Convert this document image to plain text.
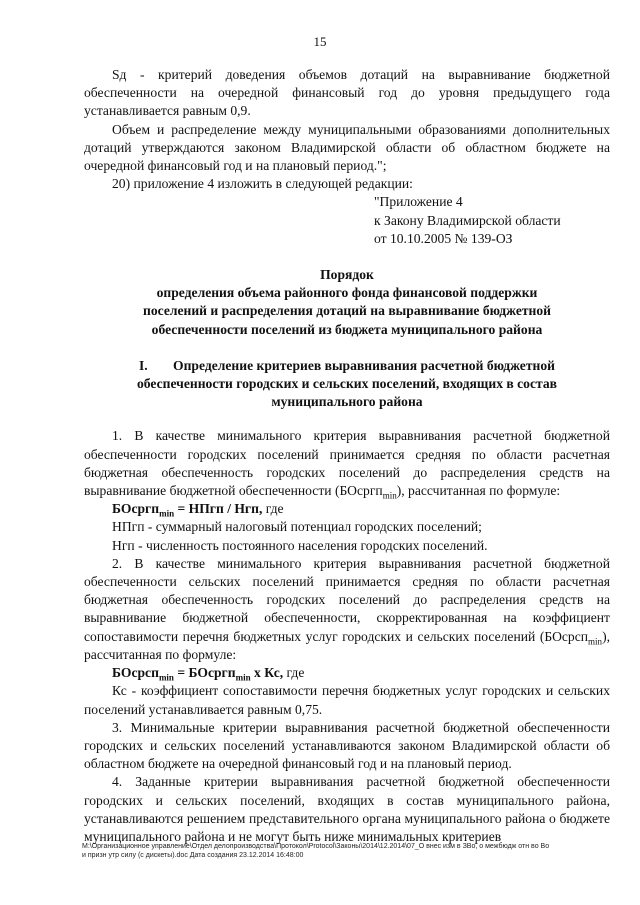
15

Sд - критерий доведения объемов дотаций на выравнивание бюджетной обеспеченности на очередной финансовый год до уровня предыдущего года устанавливается равным 0,9.

Объем и распределение между муниципальными образованиями дополнительных дотаций утверждаются законом Владимирской области об областном бюджете на очередной финансовый год и на плановый период.";

20) приложение 4 изложить в следующей редакции:

"Приложение 4
к Закону Владимирской области
от 10.10.2005 № 139-ОЗ

Порядок
определения объема районного фонда финансовой поддержки
поселений и распределения дотаций на выравнивание бюджетной
обеспеченности поселений из бюджета муниципального района

I. Определение критериев выравнивания расчетной бюджетной
обеспеченности городских и сельских поселений, входящих в состав
муниципального района

1. В качестве минимального критерия выравнивания расчетной бюджетной обеспеченности городских поселений принимается средняя по области расчетная бюджетная обеспеченность городских поселений до распределения средств на выравнивание бюджетной обеспеченности (БОсргп$_{min}$), рассчитанная по формуле:

БОсргп$_{min}$ = НПгп / Нгп, где

НПгп - суммарный налоговый потенциал городских поселений;

Нгп - численность постоянного населения городских поселений.

2. В качестве минимального критерия выравнивания расчетной бюджетной обеспеченности сельских поселений принимается средняя по области расчетная бюджетная обеспеченность городских поселений до распределения средств на выравнивание бюджетной обеспеченности, скорректированная на коэффициент сопоставимости перечня бюджетных услуг городских и сельских поселений (БОсрсп$_{min}$), рассчитанная по формуле:

БОсрсп$_{min}$ = БОсргп$_{min}$ х Кс, где

Кс - коэффициент сопоставимости перечня бюджетных услуг городских и сельских поселений устанавливается равным 0,75.

3. Минимальные критерии выравнивания расчетной бюджетной обеспеченности городских и сельских поселений устанавливаются законом Владимирской области об областном бюджете на очередной финансовый год и на плановый период.

4. Заданные критерии выравнивания расчетной бюджетной обеспеченности городских и сельских поселений, входящих в состав муниципального района, устанавливаются решением представительного органа муниципального района о бюджете муниципального района и не могут быть ниже минимальных критериев

M:\Организационное управление\Отдел делопроизводства\Протокол\Protocol\Законы\2014\12.2014\07_О внес изм в ЗВо, о межбюдж отн во Во
и призн утр силу (с дискеты).doc Дата создания 23.12.2014 16:48:00
